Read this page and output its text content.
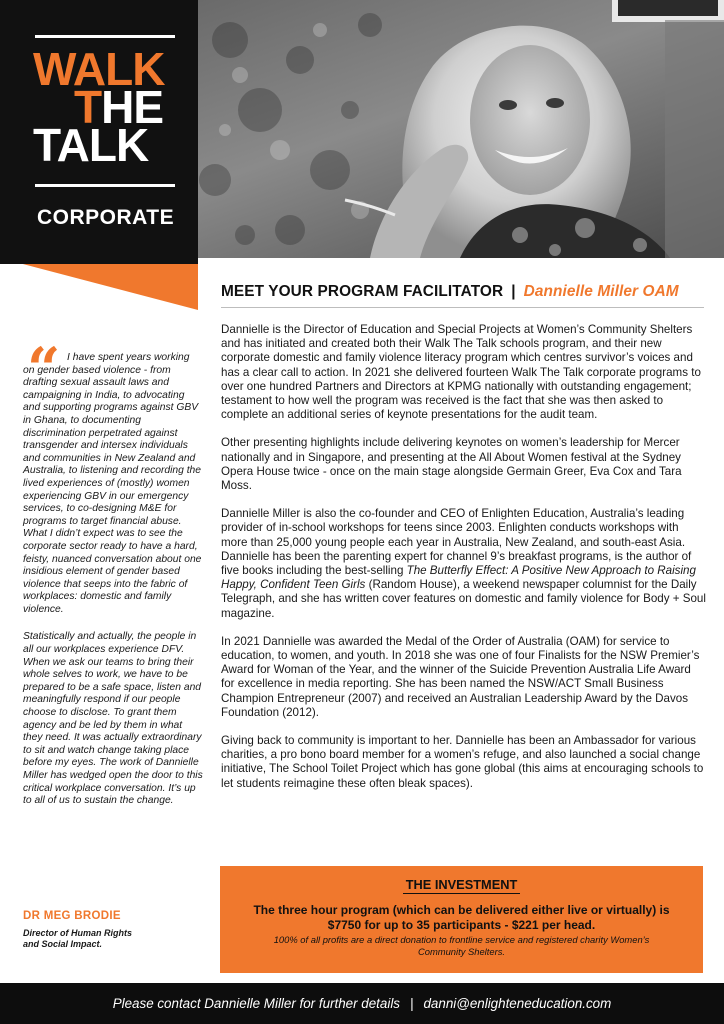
WALK
THE
TALK
CORPORATE
“ I have spent years working on gender based violence - from drafting sexual assault laws and campaigning in India, to advocating and supporting programs against GBV in Ghana, to documenting discrimination perpetrated against transgender and intersex individuals and communities in New Zealand and Australia, to listening and recording the lived experiences of (mostly) women experiencing GBV in our emergency services, to co-designing M&E for programs to target financial abuse. What I didn’t expect was to see the corporate sector ready to have a hard, feisty, nuanced conversation about one insidious element of gender based violence that seeps into the fabric of workplaces: domestic and family violence.

Statistically and actually, the people in all our workplaces experience DFV. When we ask our teams to bring their whole selves to work, we have to be prepared to be a safe space, listen and meaningfully respond if our people choose to disclose. To grant them agency and be led by them in what they need. It was actually extraordinary to sit and watch change taking place before my eyes. The work of Dannielle Miller has wedged open the door to this critical workplace conversation. It’s up to all of us to sustain the change.

DR MEG BRODIE
Director of Human Rights and Social Impact.
MEET YOUR PROGRAM FACILITATOR | Dannielle Miller OAM

Dannielle is the Director of Education and Special Projects at Women’s Community Shelters and has initiated and created both their Walk The Talk schools program, and their new corporate domestic and family violence literacy program which centres survivor’s voices and has a clear call to action. In 2021 she delivered fourteen Walk The Talk corporate programs to over one hundred Partners and Directors at KPMG nationally with outstanding engagement; testament to how well the program was received is the fact that she was then asked to complete an additional series of keynote presentations for the audit team.

Other presenting highlights include delivering keynotes on women’s leadership for Mercer nationally and in Singapore, and presenting at the All About Women festival at the Sydney Opera House twice - once on the main stage alongside Germain Greer, Eva Cox and Tara Moss.

Dannielle Miller is also the co-founder and CEO of Enlighten Education, Australia’s leading provider of in-school workshops for teens since 2003. Enlighten conducts workshops with more than 25,000 young people each year in Australia, New Zealand, and south-east Asia. Dannielle has been the parenting expert for channel 9’s breakfast programs, is the author of five books including the best-selling The Butterfly Effect: A Positive New Approach to Raising Happy, Confident Teen Girls (Random House), a weekend newspaper columnist for the Daily Telegraph, and she has written cover features on domestic and family violence for Body + Soul magazine.

In 2021 Dannielle was awarded the Medal of the Order of Australia (OAM) for service to education, to women, and youth. In 2018 she was one of four Finalists for the NSW Premier’s Award for Woman of the Year, and the winner of the Suicide Prevention Australia Life Award for excellence in media reporting. She has been named the NSW/ACT Small Business Champion Entrepreneur (2007) and received an Australian Leadership Award by the Davos Foundation (2012).

Giving back to community is important to her. Dannielle has been an Ambassador for various charities, a pro bono board member for a women’s refuge, and also launched a social change initiative, The School Toilet Project which has gone global (this aims at encouraging schools to let students reimagine these often bleak spaces).

THE INVESTMENT
The three hour program (which can be delivered either live or virtually) is $7750 for up to 35 participants - $221 per head.
100% of all profits are a direct donation to frontline service and registered charity Women’s Community Shelters.
Please contact Dannielle Miller for further details | danni@enlighteneducation.com
